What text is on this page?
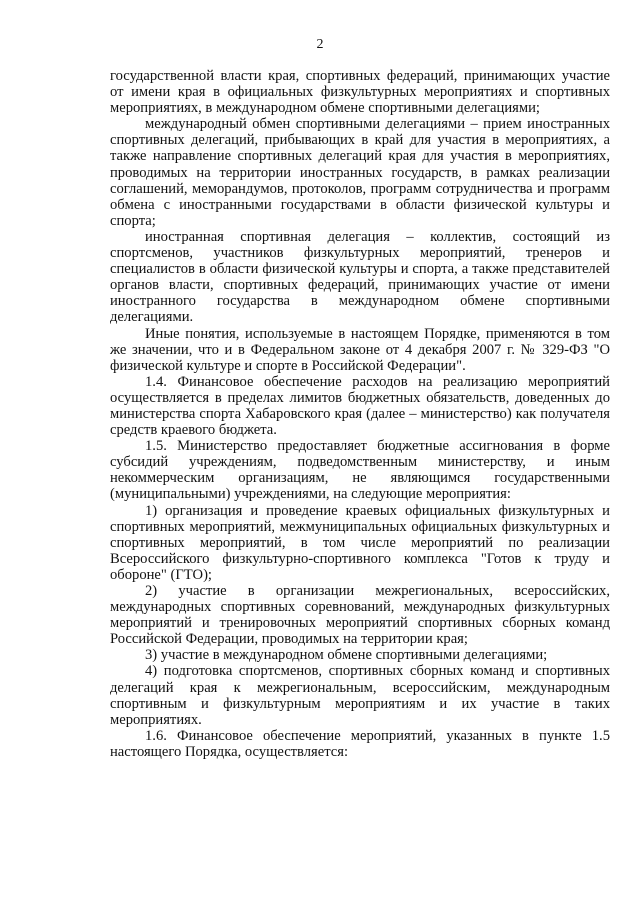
2

государственной власти края, спортивных федераций, принимающих участие от имени края в официальных физкультурных мероприятиях и спортивных мероприятиях, в международном обмене спортивными делегациями;

международный обмен спортивными делегациями – прием иностранных спортивных делегаций, прибывающих в край для участия в мероприятиях, а также направление спортивных делегаций края для участия в мероприятиях, проводимых на территории иностранных государств, в рамках реализации соглашений, меморандумов, протоколов, программ сотрудничества и программ обмена с иностранными государствами в области физической культуры и спорта;

иностранная спортивная делегация – коллектив, состоящий из спортсменов, участников физкультурных мероприятий, тренеров и специалистов в области физической культуры и спорта, а также представителей органов власти, спортивных федераций, принимающих участие от имени иностранного государства в международном обмене спортивными делегациями.

Иные понятия, используемые в настоящем Порядке, применяются в том же значении, что и в Федеральном законе от 4 декабря 2007 г. № 329-ФЗ "О физической культуре и спорте в Российской Федерации".

1.4. Финансовое обеспечение расходов на реализацию мероприятий осуществляется в пределах лимитов бюджетных обязательств, доведенных до министерства спорта Хабаровского края (далее – министерство) как получателя средств краевого бюджета.

1.5. Министерство предоставляет бюджетные ассигнования в форме субсидий учреждениям, подведомственным министерству, и иным некоммерческим организациям, не являющимся государственными (муниципальными) учреждениями, на следующие мероприятия:

1) организация и проведение краевых официальных физкультурных и спортивных мероприятий, межмуниципальных официальных физкультурных и спортивных мероприятий, в том числе мероприятий по реализации Всероссийского физкультурно-спортивного комплекса "Готов к труду и обороне" (ГТО);

2) участие в организации межрегиональных, всероссийских, международных спортивных соревнований, международных физкультурных мероприятий и тренировочных мероприятий спортивных сборных команд Российской Федерации, проводимых на территории края;

3) участие в международном обмене спортивными делегациями;

4) подготовка спортсменов, спортивных сборных команд и спортивных делегаций края к межрегиональным, всероссийским, международным спортивным и физкультурным мероприятиям и их участие в таких мероприятиях.

1.6. Финансовое обеспечение мероприятий, указанных в пункте 1.5 настоящего Порядка, осуществляется:
